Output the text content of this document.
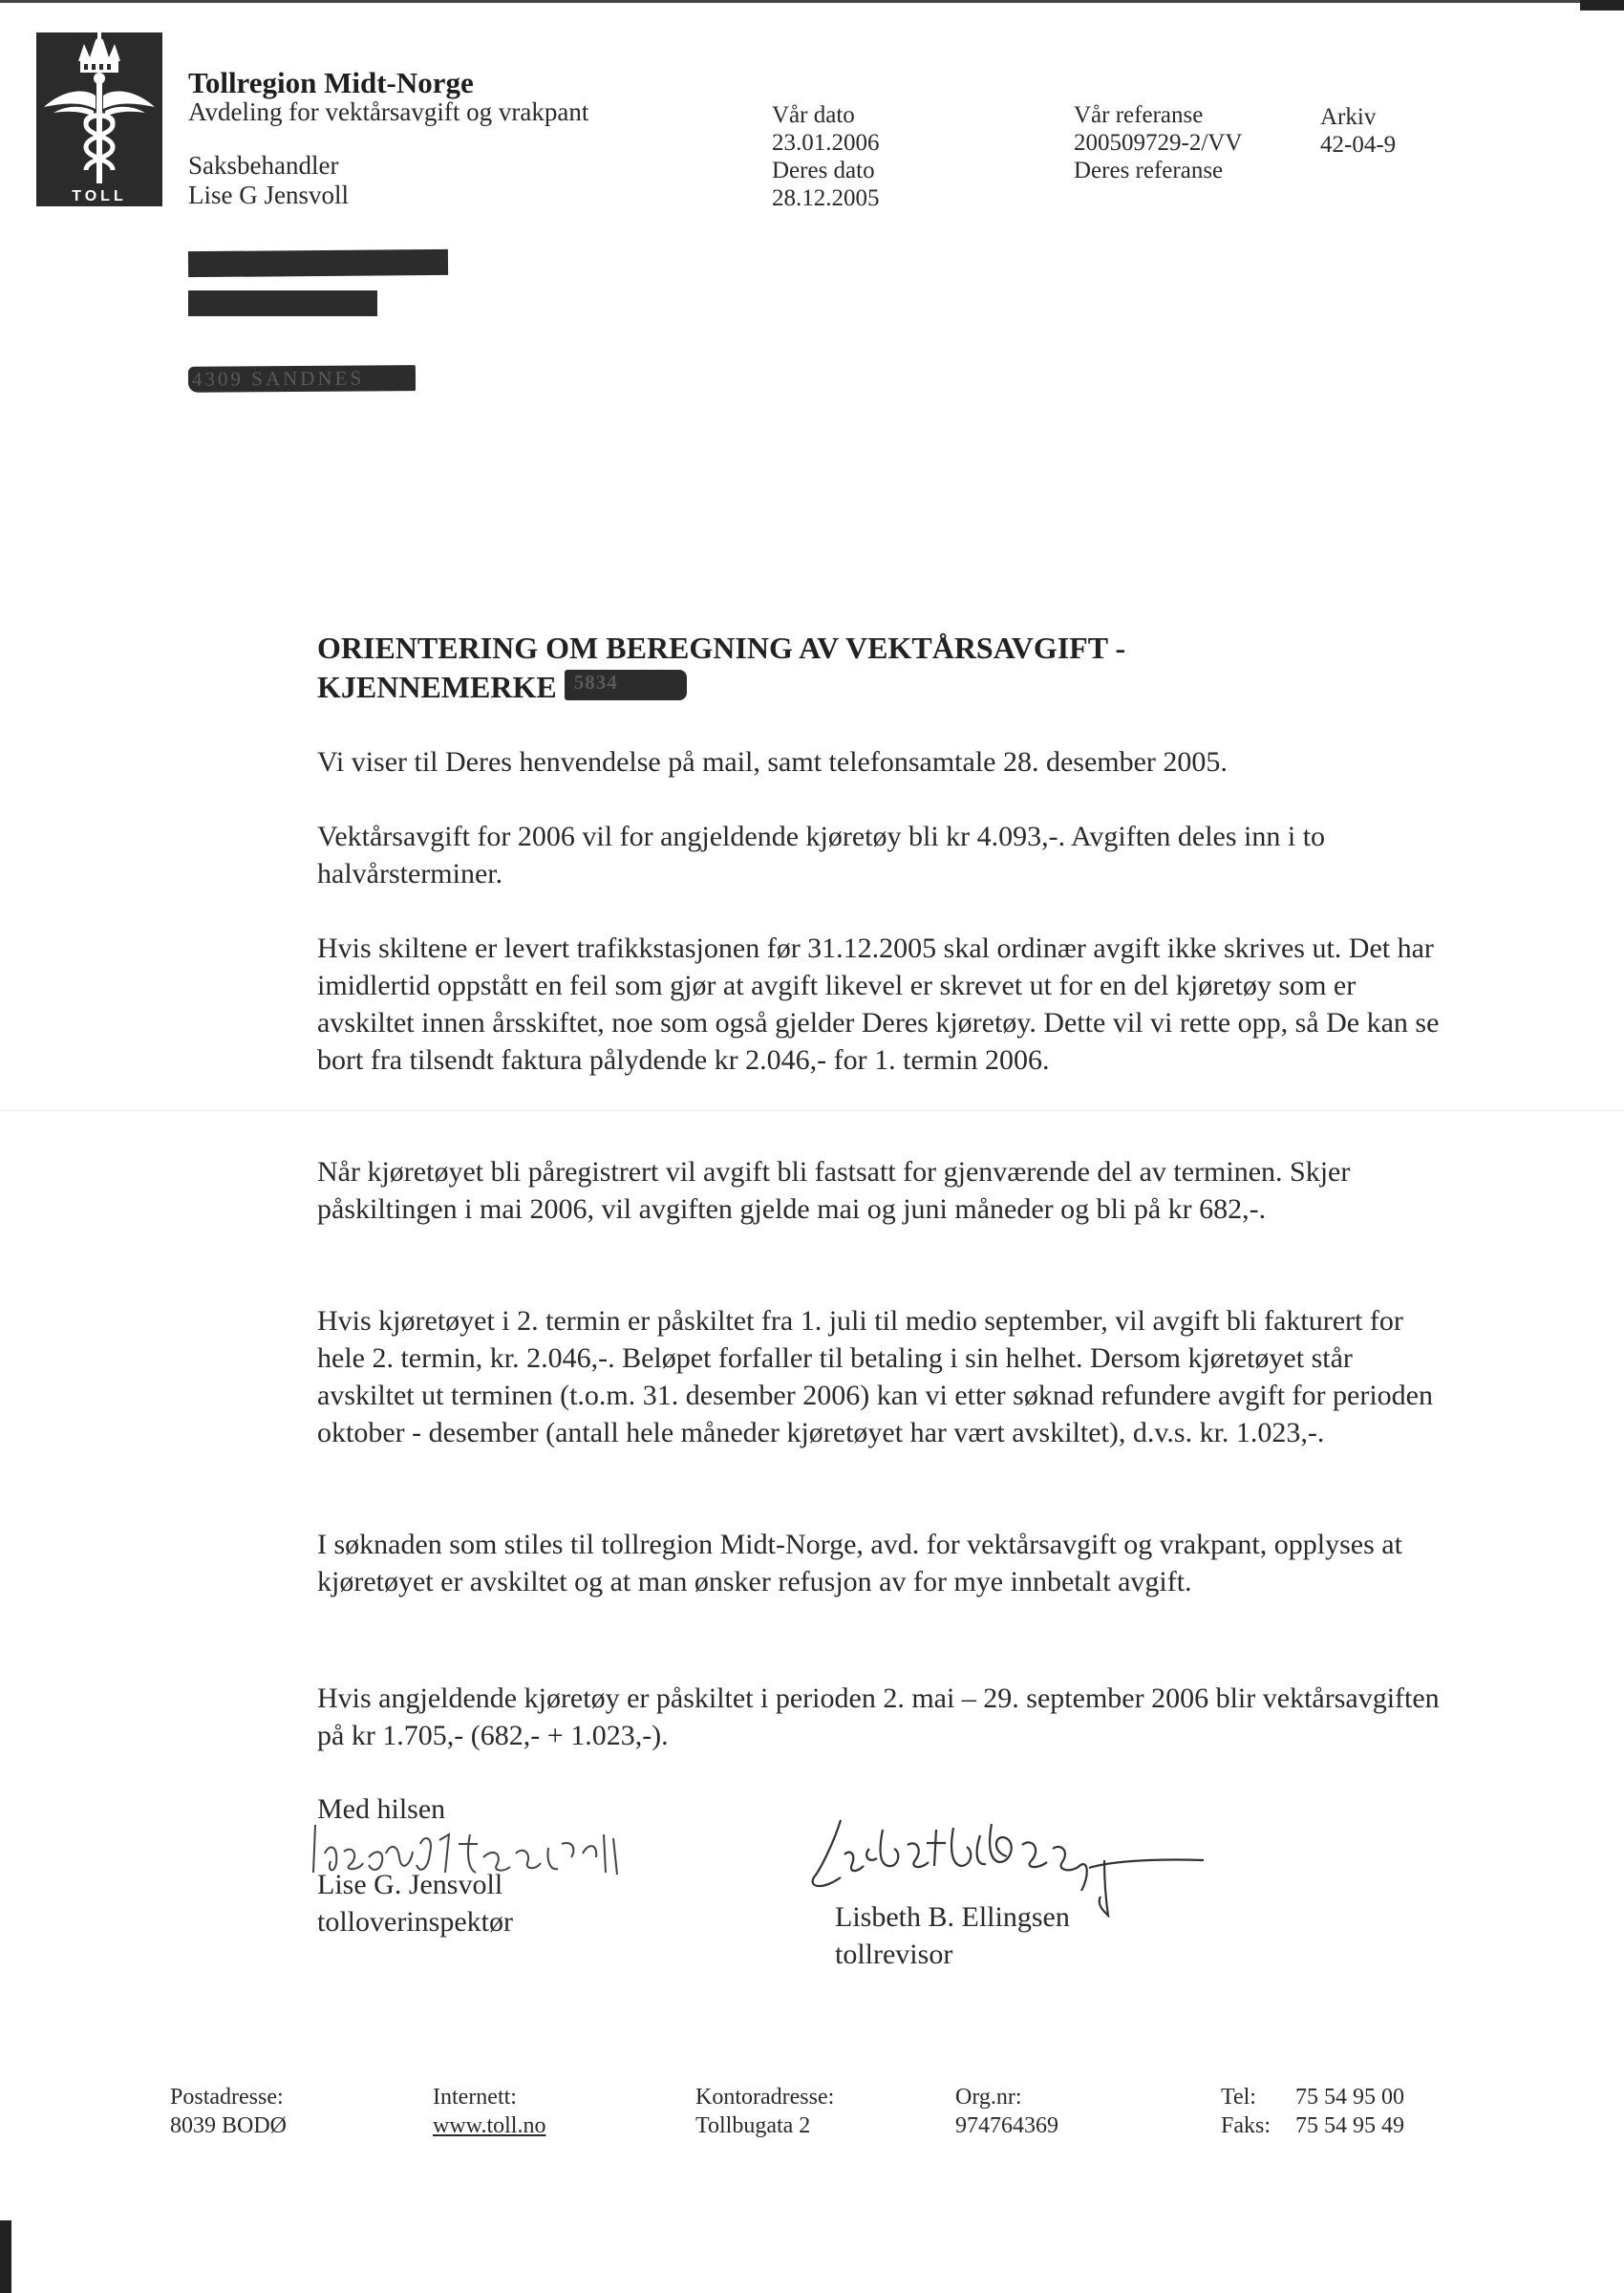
TOLL
Tollregion Midt-Norge
Avdeling for vektårsavgift og vrakpant
Saksbehandler
Lise G Jensvoll
Vår dato
23.01.2006
Deres dato
28.12.2005
Vår referanse
200509729-2/VV
Deres referanse
Arkiv
42-04-9
4309 SANDNES
ORIENTERING OM BEREGNING AV VEKTÅRSAVGIFT -
KJENNEMERKE 5834

Vi viser til Deres henvendelse på mail, samt telefonsamtale 28. desember 2005.

Vektårsavgift for 2006 vil for angjeldende kjøretøy bli kr 4.093,-. Avgiften deles inn i to halvårsterminer.

Hvis skiltene er levert trafikkstasjonen før 31.12.2005 skal ordinær avgift ikke skrives ut. Det har imidlertid oppstått en feil som gjør at avgift likevel er skrevet ut for en del kjøretøy som er avskiltet innen årsskiftet, noe som også gjelder Deres kjøretøy. Dette vil vi rette opp, så De kan se bort fra tilsendt faktura pålydende kr 2.046,- for 1. termin 2006.

Når kjøretøyet bli påregistrert vil avgift bli fastsatt for gjenværende del av terminen. Skjer påskiltingen i mai 2006, vil avgiften gjelde mai og juni måneder og bli på kr 682,-.

Hvis kjøretøyet i 2. termin er påskiltet fra 1. juli til medio september, vil avgift bli fakturert for hele 2. termin, kr. 2.046,-. Beløpet forfaller til betaling i sin helhet. Dersom kjøretøyet står avskiltet ut terminen (t.o.m. 31. desember 2006) kan vi etter søknad refundere avgift for perioden oktober - desember (antall hele måneder kjøretøyet har vært avskiltet), d.v.s. kr. 1.023,-.

I søknaden som stiles til tollregion Midt-Norge, avd. for vektårsavgift og vrakpant, opplyses at kjøretøyet er avskiltet og at man ønsker refusjon av for mye innbetalt avgift.

Hvis angjeldende kjøretøy er påskiltet i perioden 2. mai – 29. september 2006 blir vektårsavgiften på kr 1.705,- (682,- + 1.023,-).

Med hilsen
Lise G. Jensvoll
tolloverinspektør	Lisbeth B. Ellingsen
tollrevisor
Postadresse:
8039 BODØ
Internett:
www.toll.no
Kontoradresse:
Tollbugata 2
Org.nr:
974764369
Tel: 75 54 95 00
Faks: 75 54 95 49
